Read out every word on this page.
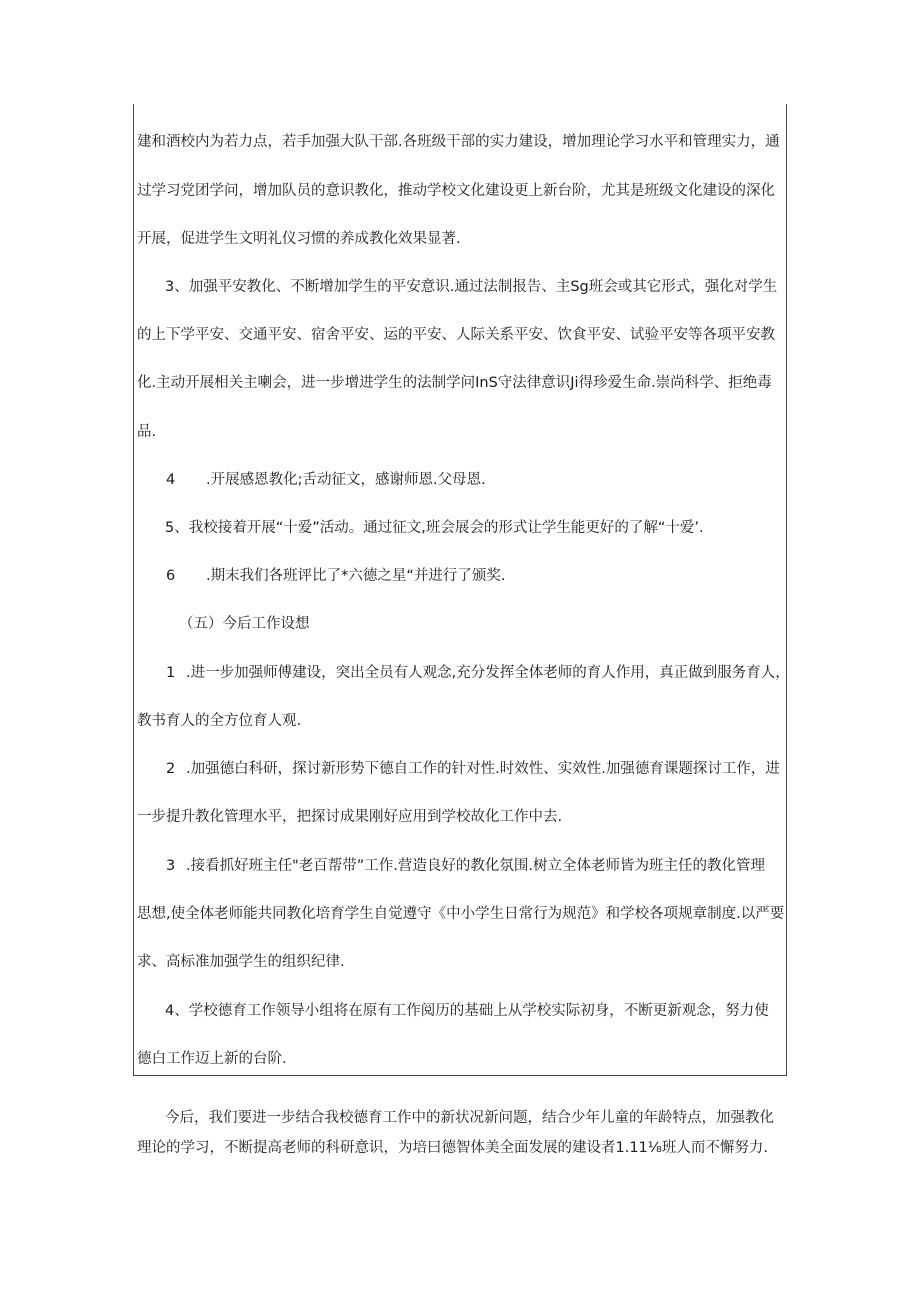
建和酒校内为若力点，若手加强大队干部.各班级干部的实力建设，增加理论学习水平和管理实力，通
过学习党团学问，增加队员的意识教化，推动学校文化建设更上新台阶，尤其是班级文化建设的深化
开展，促进学生文明礼仪习惯的养成教化效果显著.
3、加强平安教化、不断增加学生的平安意识.通过法制报告、主Sg班会或其它形式，强化对学生
的上下学平安、交通平安、宿舍平安、运的平安、人际关系平安、饮食平安、试验平安等各项平安教
化.主动开展相关主喇会，进一步增进学生的法制学问InS守法律意识Ji得珍爱生命.崇尚科学、拒绝毒
品.
4 .开展感恩教化;舌动征文，感谢师恩.父母恩.
5、我校接着开展“十爱”活动。通过征文,班会展会的形式让学生能更好的了解“十爱’.
6 .期末我们各班评比了*六德之星“并进行了颁奖.
（五）今后工作设想
1 .进一步加强师傅建设，突出全员有人观念,充分发挥全体老师的育人作用，真正做到服务育人，
教书育人的全方位育人观.
2 .加强德白科研，探讨新形势下德自工作的针对性.时效性、实效性.加强德育课题探讨工作，进
一步提升教化管理水平，把探讨成果刚好应用到学校故化工作中去.
3 .接看抓好班主任"老百帮带”工作.营造良好的教化氛围.树立全体老师皆为班主任的教化管理
思想,使全体老师能共同教化培育学生自觉遵守《中小学生日常行为规范》和学校各项规章制度.以严要
求、高标准加强学生的组织纪律.
4、学校德育工作领导小组将在原有工作阅历的基础上从学校实际初身，不断更新观念，努力使
德白工作迈上新的台阶.
今后，我们要进一步结合我校德育工作中的新状况新问题，结合少年儿童的年龄特点，加强教化
理论的学习，不断提高老师的科研意识，为培曰德智体美全面发展的建设者1.11⅛班人而不懈努力.
